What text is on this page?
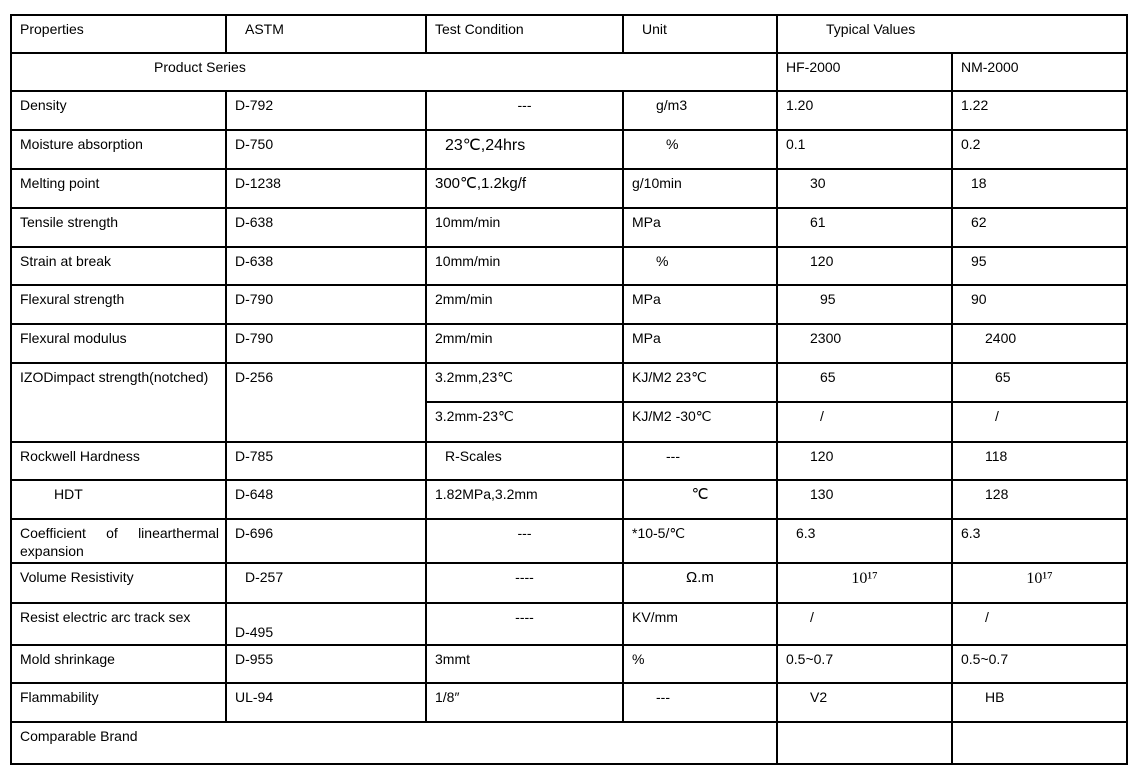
Properties	ASTM	Test Condition	Unit	Typical Values	
Product Series				HF-2000	NM-2000
Density	D-792	---	g/m3	1.20	1.22
Moisture absorption	D-750	23℃,24hrs	%	0.1	0.2
Melting point	D-1238	300℃,1.2kg/f	g/10min	30	18
Tensile strength	D-638	10mm/min	MPa	61	62
Strain at break	D-638	10mm/min	%	120	95
Flexural strength	D-790	2mm/min	MPa	95	90
Flexural modulus	D-790	2mm/min	MPa	2300	2400
IZODimpact strength(notched)	D-256	3.2mm,23℃	KJ/M2 23℃	65	65
		3.2mm-23℃	KJ/M2 -30℃	/	/
Rockwell Hardness	D-785	R-Scales	---	120	118
HDT	D-648	1.82MPa,3.2mm	℃	130	128
Coefficient of linearthermal expansion	D-696	---	*10-5/℃	6.3	6.3
Volume Resistivity	D-257	----	Ω.m	10¹⁷	10¹⁷
Resist electric arc track sex	D-495	----	KV/mm	/	/
Mold shrinkage	D-955	3mmt	%	0.5~0.7	0.5~0.7
Flammability	UL-94	1/8″	---	V2	HB
Comparable Brand					
